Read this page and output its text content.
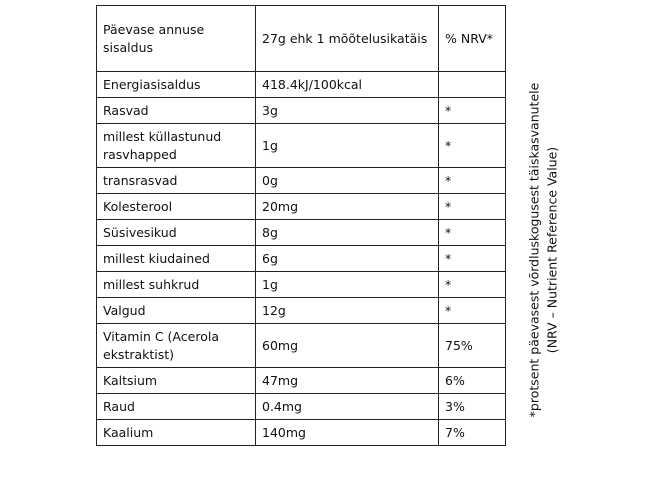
Päevase annuse sisaldus	27g ehk 1 mõõtelusikatäis	% NRV*
Energiasisaldus	418.4kJ/100kcal	
Rasvad	3g	*
millest küllastunud
rasvhapped	1g	*
transrasvad	0g	*
Kolesterool	20mg	*
Süsivesikud	8g	*
millest kiudained	6g	*
millest suhkrud	1g	*
Valgud	12g	*
Vitamin C (Acerola
ekstraktist)	60mg	75%
Kaltsium	47mg	6%
Raud	0.4mg	3%
Kaalium	140mg	7%
*protsent päevasest võrdluskogusest täiskasvanutele (NRV – Nutrient Reference Value)
